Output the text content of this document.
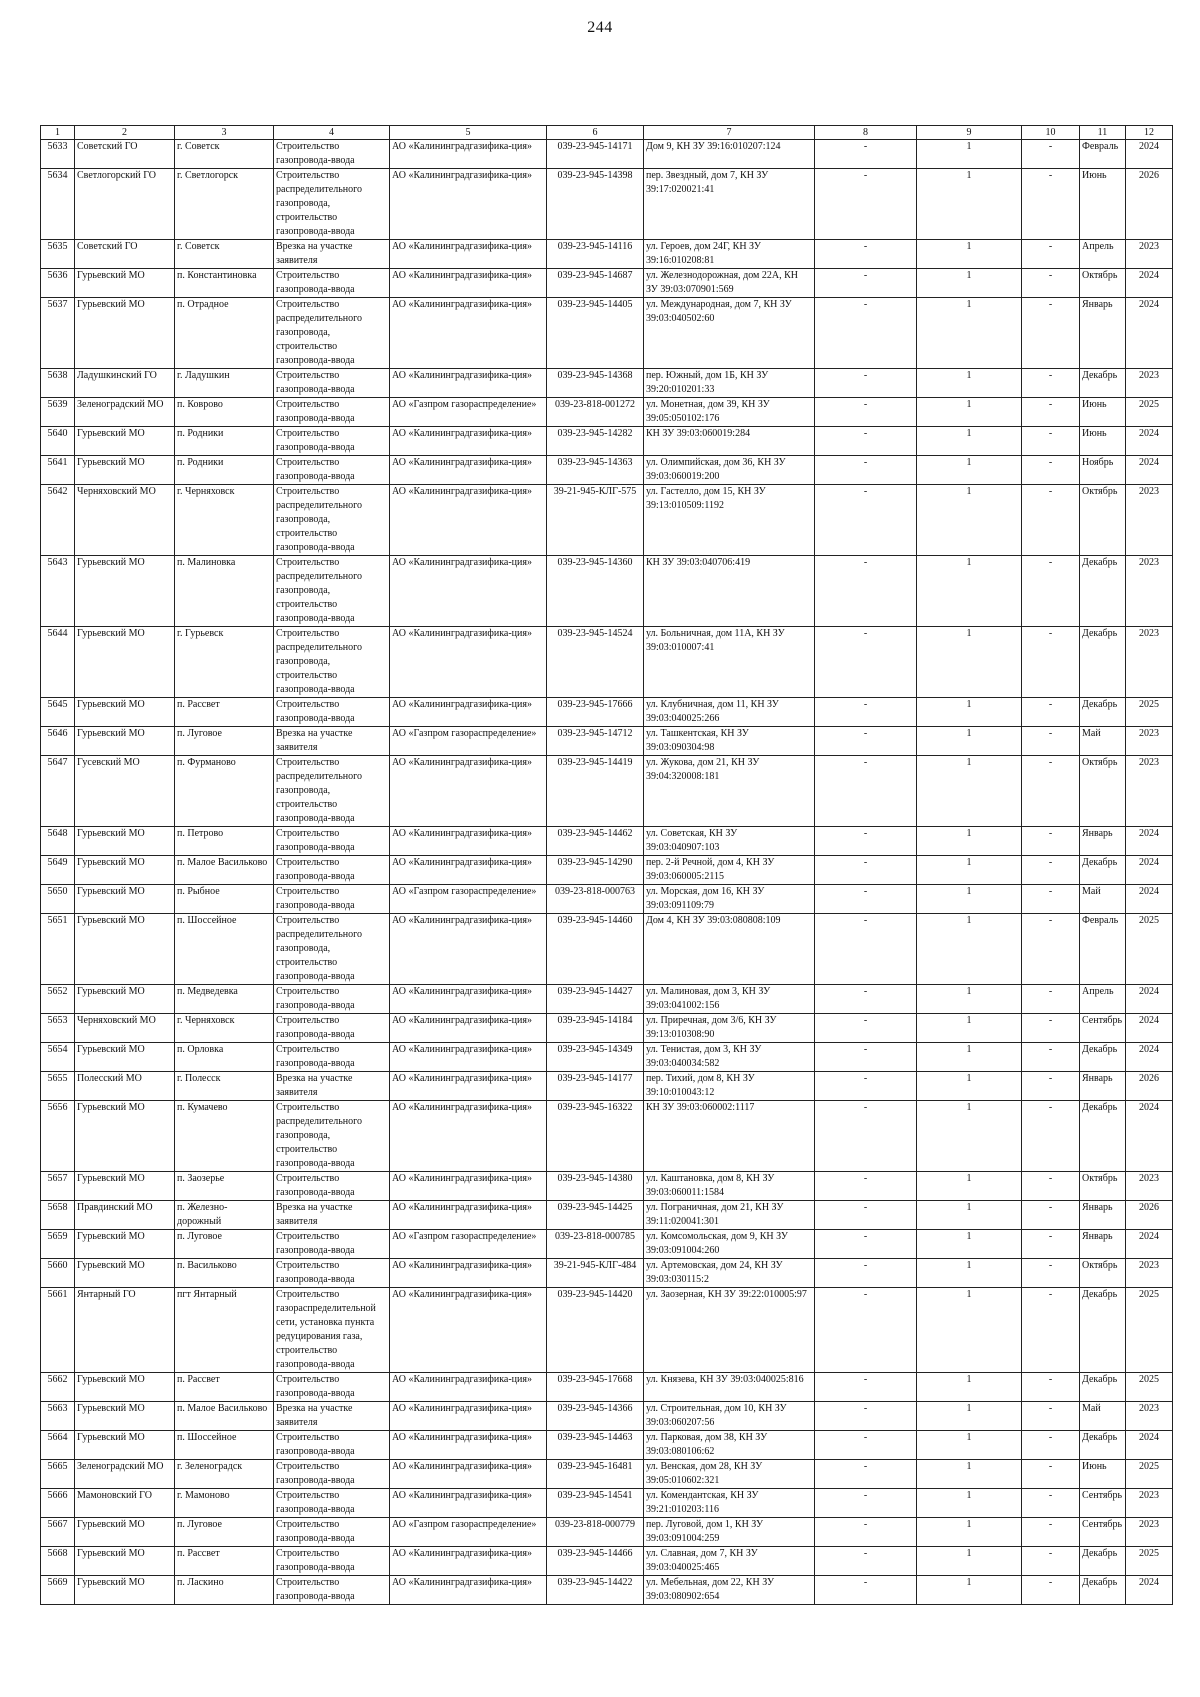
244
1	2	3	4	5	6	7	8	9	10	11	12
5633	Советский ГО	г. Советск	Строительство газопровода-ввода	АО «Калининградгазифика-ция»	039-23-945-14171	Дом 9, КН ЗУ 39:16:010207:124	-	1	-	Февраль	2024
5634	Светлогорский ГО	г. Светлогорск	Строительство распределительного газопровода, строительство газопровода-ввода	АО «Калининградгазифика-ция»	039-23-945-14398	пер. Звездный, дом 7, КН ЗУ 39:17:020021:41	-	1	-	Июнь	2026
5635	Советский ГО	г. Советск	Врезка на участке заявителя	АО «Калининградгазифика-ция»	039-23-945-14116	ул. Героев, дом 24Г, КН ЗУ 39:16:010208:81	-	1	-	Апрель	2023
5636	Гурьевский МО	п. Константиновка	Строительство газопровода-ввода	АО «Калининградгазифика-ция»	039-23-945-14687	ул. Железнодорожная, дом 22А, КН ЗУ 39:03:070901:569	-	1	-	Октябрь	2024
5637	Гурьевский МО	п. Отрадное	Строительство распределительного газопровода, строительство газопровода-ввода	АО «Калининградгазифика-ция»	039-23-945-14405	ул. Международная, дом 7, КН ЗУ 39:03:040502:60	-	1	-	Январь	2024
5638	Ладушкинский ГО	г. Ладушкин	Строительство газопровода-ввода	АО «Калининградгазифика-ция»	039-23-945-14368	пер. Южный, дом 1Б, КН ЗУ 39:20:010201:33	-	1	-	Декабрь	2023
5639	Зеленоградский МО	п. Коврово	Строительство газопровода-ввода	АО «Газпром газораспределение»	039-23-818-001272	ул. Монетная, дом 39, КН ЗУ 39:05:050102:176	-	1	-	Июнь	2025
5640	Гурьевский МО	п. Родники	Строительство газопровода-ввода	АО «Калининградгазифика-ция»	039-23-945-14282	КН ЗУ 39:03:060019:284	-	1	-	Июнь	2024
5641	Гурьевский МО	п. Родники	Строительство газопровода-ввода	АО «Калининградгазифика-ция»	039-23-945-14363	ул. Олимпийская, дом 36, КН ЗУ 39:03:060019:200	-	1	-	Ноябрь	2024
5642	Черняховский МО	г. Черняховск	Строительство распределительного газопровода, строительство газопровода-ввода	АО «Калининградгазифика-ция»	39-21-945-КЛГ-575	ул. Гастелло, дом 15, КН ЗУ 39:13:010509:1192	-	1	-	Октябрь	2023
5643	Гурьевский МО	п. Малиновка	Строительство распределительного газопровода, строительство газопровода-ввода	АО «Калининградгазифика-ция»	039-23-945-14360	КН ЗУ 39:03:040706:419	-	1	-	Декабрь	2023
5644	Гурьевский МО	г. Гурьевск	Строительство распределительного газопровода, строительство газопровода-ввода	АО «Калининградгазифика-ция»	039-23-945-14524	ул. Больничная, дом 11А, КН ЗУ 39:03:010007:41	-	1	-	Декабрь	2023
5645	Гурьевский МО	п. Рассвет	Строительство газопровода-ввода	АО «Калининградгазифика-ция»	039-23-945-17666	ул. Клубничная, дом 11, КН ЗУ 39:03:040025:266	-	1	-	Декабрь	2025
5646	Гурьевский МО	п. Луговое	Врезка на участке заявителя	АО «Газпром газораспределение»	039-23-945-14712	ул. Ташкентская, КН ЗУ 39:03:090304:98	-	1	-	Май	2023
5647	Гусевский МО	п. Фурманово	Строительство распределительного газопровода, строительство газопровода-ввода	АО «Калининградгазифика-ция»	039-23-945-14419	ул. Жукова, дом 21, КН ЗУ 39:04:320008:181	-	1	-	Октябрь	2023
5648	Гурьевский МО	п. Петрово	Строительство газопровода-ввода	АО «Калининградгазифика-ция»	039-23-945-14462	ул. Советская, КН ЗУ 39:03:040907:103	-	1	-	Январь	2024
5649	Гурьевский МО	п. Малое Васильково	Строительство газопровода-ввода	АО «Калининградгазифика-ция»	039-23-945-14290	пер. 2-й Речной, дом 4, КН ЗУ 39:03:060005:2115	-	1	-	Декабрь	2024
5650	Гурьевский МО	п. Рыбное	Строительство газопровода-ввода	АО «Газпром газораспределение»	039-23-818-000763	ул. Морская, дом 16, КН ЗУ 39:03:091109:79	-	1	-	Май	2024
5651	Гурьевский МО	п. Шоссейное	Строительство распределительного газопровода, строительство газопровода-ввода	АО «Калининградгазифика-ция»	039-23-945-14460	Дом 4, КН ЗУ 39:03:080808:109	-	1	-	Февраль	2025
5652	Гурьевский МО	п. Медведевка	Строительство газопровода-ввода	АО «Калининградгазифика-ция»	039-23-945-14427	ул. Малиновая, дом 3, КН ЗУ 39:03:041002:156	-	1	-	Апрель	2024
5653	Черняховский МО	г. Черняховск	Строительство газопровода-ввода	АО «Калининградгазифика-ция»	039-23-945-14184	ул. Приречная, дом 3/6, КН ЗУ 39:13:010308:90	-	1	-	Сентябрь	2024
5654	Гурьевский МО	п. Орловка	Строительство газопровода-ввода	АО «Калининградгазифика-ция»	039-23-945-14349	ул. Тенистая, дом 3, КН ЗУ 39:03:040034:582	-	1	-	Декабрь	2024
5655	Полесский МО	г. Полесск	Врезка на участке заявителя	АО «Калининградгазифика-ция»	039-23-945-14177	пер. Тихий, дом 8, КН ЗУ 39:10:010043:12	-	1	-	Январь	2026
5656	Гурьевский МО	п. Кумачево	Строительство распределительного газопровода, строительство газопровода-ввода	АО «Калининградгазифика-ция»	039-23-945-16322	КН ЗУ 39:03:060002:1117	-	1	-	Декабрь	2024
5657	Гурьевский МО	п. Заозерье	Строительство газопровода-ввода	АО «Калининградгазифика-ция»	039-23-945-14380	ул. Каштановка, дом 8, КН ЗУ 39:03:060011:1584	-	1	-	Октябрь	2023
5658	Правдинский МО	п. Железно-дорожный	Врезка на участке заявителя	АО «Калининградгазифика-ция»	039-23-945-14425	ул. Пограничная, дом 21, КН ЗУ 39:11:020041:301	-	1	-	Январь	2026
5659	Гурьевский МО	п. Луговое	Строительство газопровода-ввода	АО «Газпром газораспределение»	039-23-818-000785	ул. Комсомольская, дом 9, КН ЗУ 39:03:091004:260	-	1	-	Январь	2024
5660	Гурьевский МО	п. Васильково	Строительство газопровода-ввода	АО «Калининградгазифика-ция»	39-21-945-КЛГ-484	ул. Артемовская, дом 24, КН ЗУ 39:03:030115:2	-	1	-	Октябрь	2023
5661	Янтарный ГО	пгт Янтарный	Строительство газораспределительной сети, установка пункта редуцирования газа, строительство газопровода-ввода	АО «Калининградгазифика-ция»	039-23-945-14420	ул. Заозерная, КН ЗУ 39:22:010005:97	-	1	-	Декабрь	2025
5662	Гурьевский МО	п. Рассвет	Строительство газопровода-ввода	АО «Калининградгазифика-ция»	039-23-945-17668	ул. Князева, КН ЗУ 39:03:040025:816	-	1	-	Декабрь	2025
5663	Гурьевский МО	п. Малое Васильково	Врезка на участке заявителя	АО «Калининградгазифика-ция»	039-23-945-14366	ул. Строительная, дом 10, КН ЗУ 39:03:060207:56	-	1	-	Май	2023
5664	Гурьевский МО	п. Шоссейное	Строительство газопровода-ввода	АО «Калининградгазифика-ция»	039-23-945-14463	ул. Парковая, дом 38, КН ЗУ 39:03:080106:62	-	1	-	Декабрь	2024
5665	Зеленоградский МО	г. Зеленоградск	Строительство газопровода-ввода	АО «Калининградгазифика-ция»	039-23-945-16481	ул. Венская, дом 28, КН ЗУ 39:05:010602:321	-	1	-	Июнь	2025
5666	Мамоновский ГО	г. Мамоново	Строительство газопровода-ввода	АО «Калининградгазифика-ция»	039-23-945-14541	ул. Комендантская, КН ЗУ 39:21:010203:116	-	1	-	Сентябрь	2023
5667	Гурьевский МО	п. Луговое	Строительство газопровода-ввода	АО «Газпром газораспределение»	039-23-818-000779	пер. Луговой, дом 1, КН ЗУ 39:03:091004:259	-	1	-	Сентябрь	2023
5668	Гурьевский МО	п. Рассвет	Строительство газопровода-ввода	АО «Калининградгазифика-ция»	039-23-945-14466	ул. Славная, дом 7, КН ЗУ 39:03:040025:465	-	1	-	Декабрь	2025
5669	Гурьевский МО	п. Ласкино	Строительство газопровода-ввода	АО «Калининградгазифика-ция»	039-23-945-14422	ул. Мебельная, дом 22, КН ЗУ 39:03:080902:654	-	1	-	Декабрь	2024
